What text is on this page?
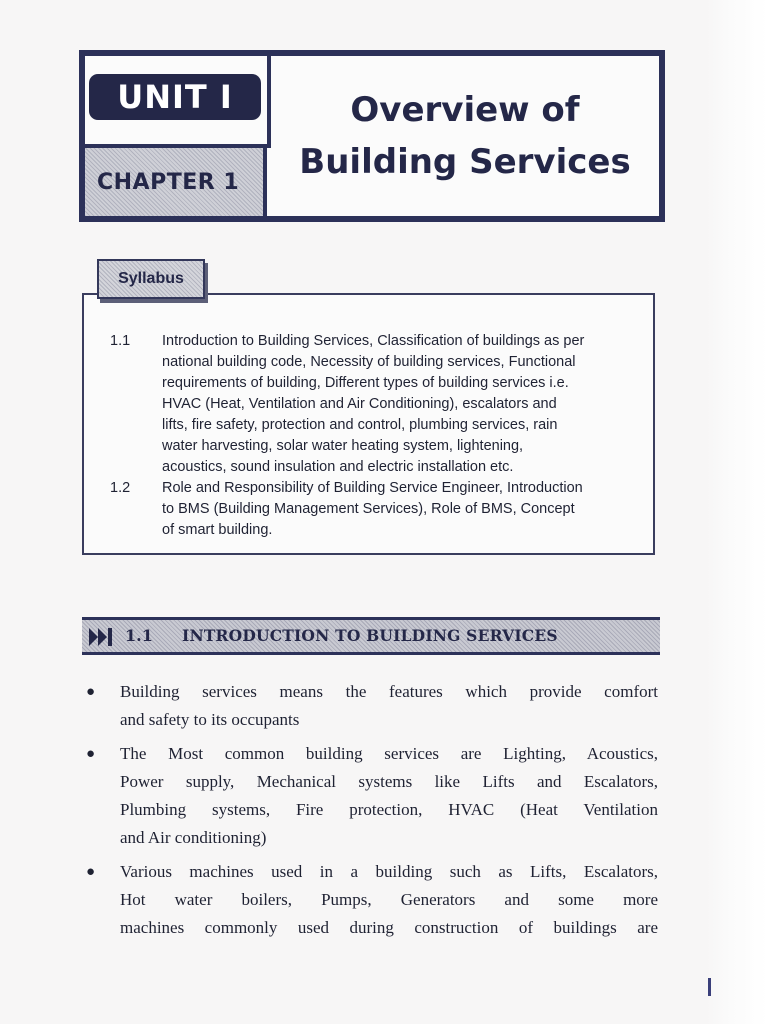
UNIT I
CHAPTER 1
Overview of
Building Services
Syllabus
1.1 Introduction to Building Services, Classification of buildings as per
national building code, Necessity of building services, Functional
requirements of building, Different types of building services i.e.
HVAC (Heat, Ventilation and Air Conditioning), escalators and
lifts, fire safety, protection and control, plumbing services, rain
water harvesting, solar water heating system, lightening,
acoustics, sound insulation and electric installation etc.
1.2 Role and Responsibility of Building Service Engineer, Introduction
to BMS (Building Management Services), Role of BMS, Concept
of smart building.
1.1 INTRODUCTION TO BUILDING SERVICES
● Building services means the features which provide comfort
and safety to its occupants
● The Most common building services are Lighting, Acoustics,
Power supply, Mechanical systems like Lifts and Escalators,
Plumbing systems, Fire protection, HVAC (Heat Ventilation
and Air conditioning)
● Various machines used in a building such as Lifts, Escalators,
Hot water boilers, Pumps, Generators and some more
machines commonly used during construction of buildings are
